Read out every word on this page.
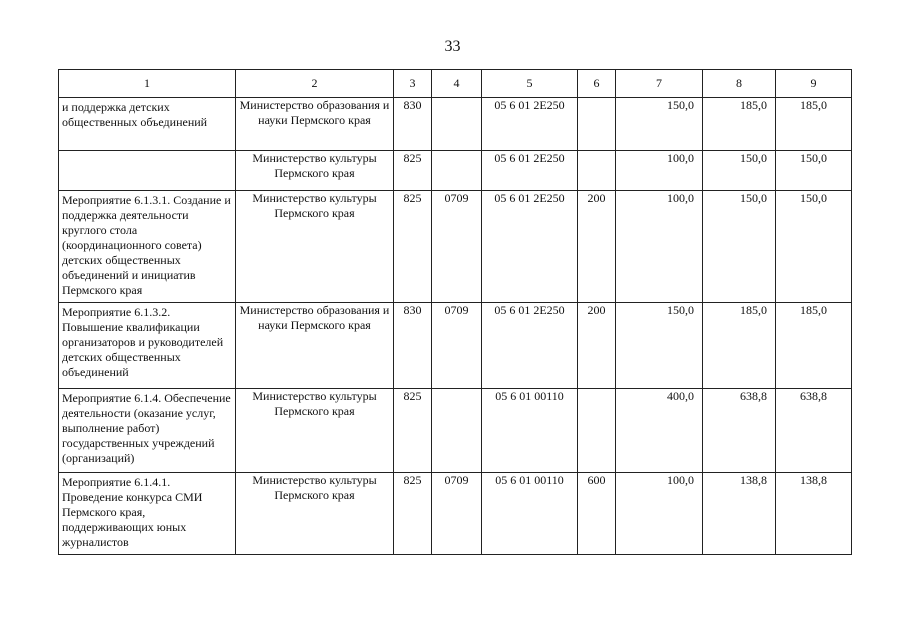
33
1	2	3	4	5	6	7	8	9
и поддержка детских общественных объединений	Министерство образования и науки Пермского края	830		05 6 01 2Е250		150,0	185,0	185,0
	Министерство культуры Пермского края	825		05 6 01 2Е250		100,0	150,0	150,0
Мероприятие 6.1.3.1. Создание и поддержка деятельности круглого стола (координационного совета) детских общественных объединений и инициатив Пермского края	Министерство культуры Пермского края	825	0709	05 6 01 2Е250	200	100,0	150,0	150,0
Мероприятие 6.1.3.2. Повышение квалификации организаторов и руководителей детских общественных объединений	Министерство образования и науки Пермского края	830	0709	05 6 01 2Е250	200	150,0	185,0	185,0
Мероприятие 6.1.4. Обеспечение деятельности (оказание услуг, выполнение работ) государственных учреждений (организаций)	Министерство культуры Пермского края	825		05 6 01 00110		400,0	638,8	638,8
Мероприятие 6.1.4.1. Проведение конкурса СМИ Пермского края, поддерживающих юных журналистов	Министерство культуры Пермского края	825	0709	05 6 01 00110	600	100,0	138,8	138,8
